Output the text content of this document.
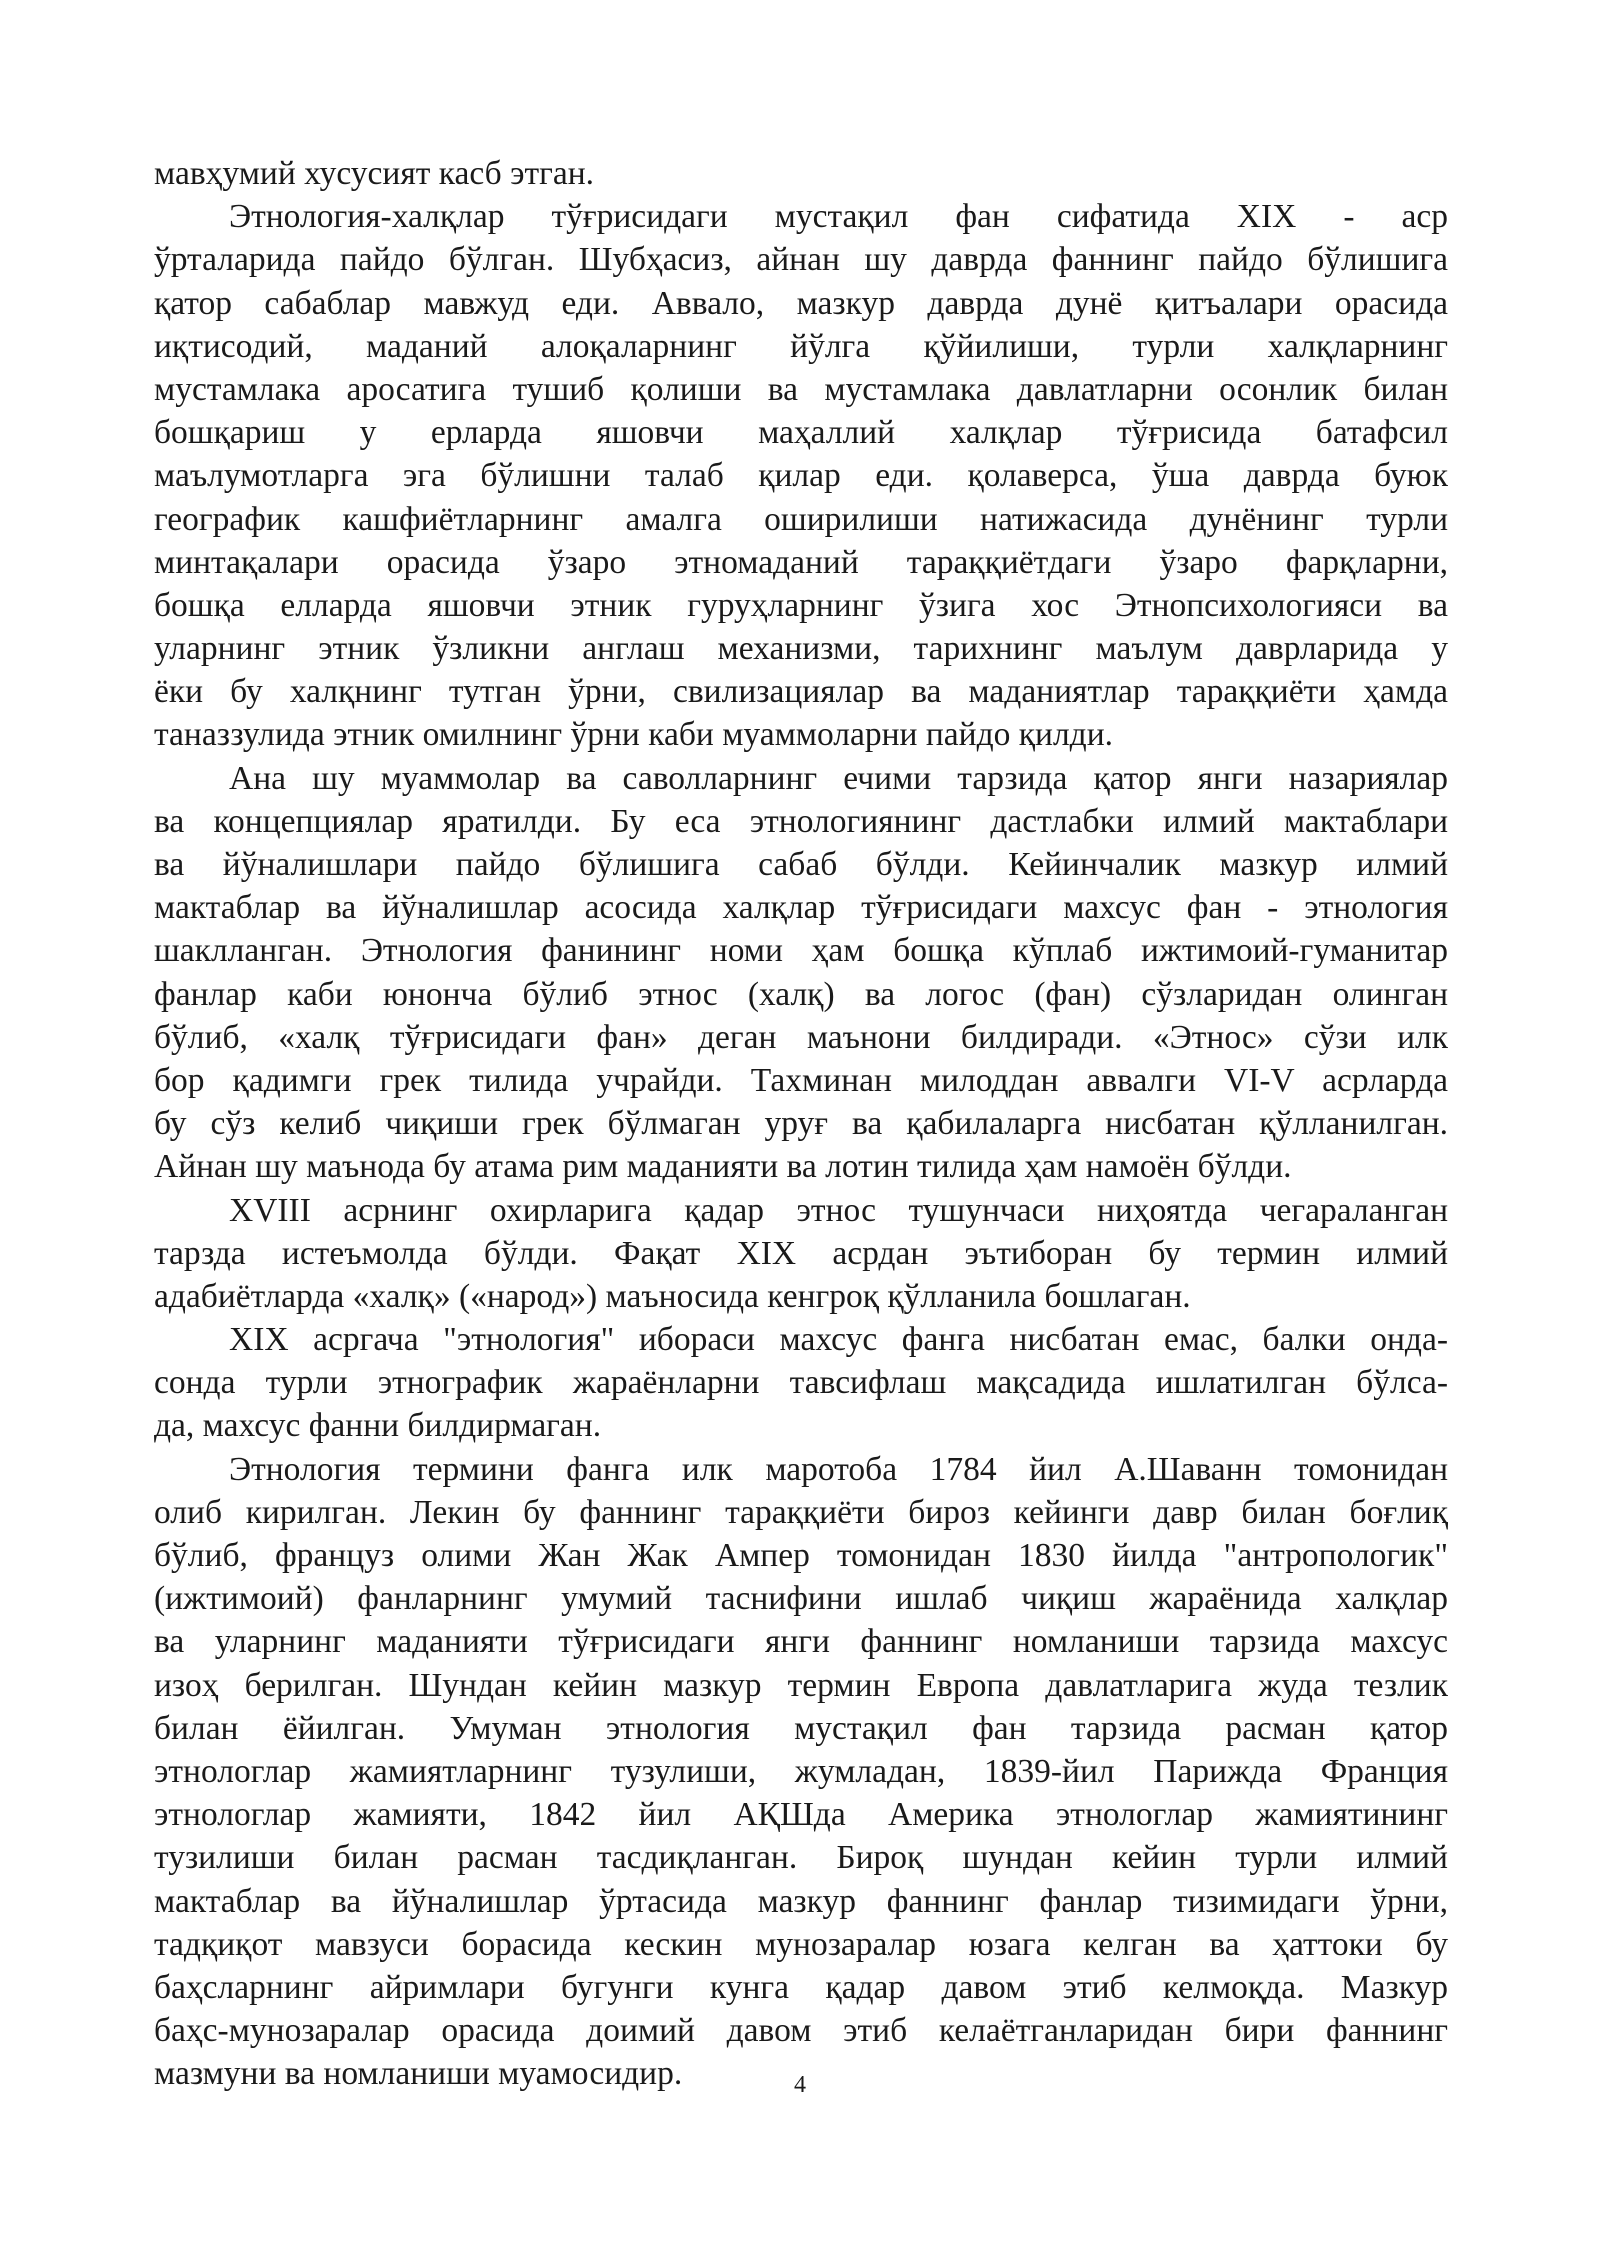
мавҳумий хусусият касб этган.
Этнология-халқлар тўғрисидаги мустақил фан сифатида XIX - аср
ўрталарида пайдо бўлган. Шубҳасиз, айнан шу даврда фаннинг пайдо бўлишига
қатор сабаблар мавжуд еди. Аввало, мазкур даврда дунё қитъалари орасида
иқтисодий, маданий алоқаларнинг йўлга қўйилиши, турли халқларнинг
мустамлака аросатига тушиб қолиши ва мустамлака давлатларни осонлик билан
бошқариш у ерларда яшовчи маҳаллий халқлар тўғрисида батафсил
маълумотларга эга бўлишни талаб қилар еди. қолаверса, ўша даврда буюк
географик кашфиётларнинг амалга оширилиши натижасида дунёнинг турли
минтақалари орасида ўзаро этномаданий тараққиётдаги ўзаро фарқларни,
бошқа елларда яшовчи этник гуруҳларнинг ўзига хос Этнопсихологияси ва
уларнинг этник ўзликни англаш механизми, тарихнинг маълум даврларида у
ёки бу халқнинг тутган ўрни, свилизациялар ва маданиятлар тараққиёти ҳамда
таназзулида этник омилнинг ўрни каби муаммоларни пайдо қилди.
Ана шу муаммолар ва саволларнинг ечими тарзида қатор янги назариялар
ва концепциялар яратилди. Бу еса этнологиянинг дастлабки илмий мактаблари
ва йўналишлари пайдо бўлишига сабаб бўлди. Кейинчалик мазкур илмий
мактаблар ва йўналишлар асосида халқлар тўғрисидаги махсус фан - этнология
шаклланган. Этнология фанининг номи ҳам бошқа кўплаб ижтимоий-гуманитар
фанлар каби юнонча бўлиб этнос (халқ) ва логос (фан) сўзларидан олинган
бўлиб, «халқ тўғрисидаги фан» деган маънони билдиради. «Этнос» сўзи илк
бор қадимги грек тилида учрайди. Тахминан милоддан аввалги VI-V асрларда
бу сўз келиб чиқиши грек бўлмаган уруғ ва қабилаларга нисбатан қўлланилган.
Айнан шу маънода бу атама рим маданияти ва лотин тилида ҳам намоён бўлди.
XVIII асрнинг охирларига қадар этнос тушунчаси ниҳоятда чегараланган
тарзда истеъмолда бўлди. Фақат XIX асрдан эътиборан бу термин илмий
адабиётларда «халқ» («народ») маъносида кенгроқ қўлланила бошлаган.
XIX асргача "этнология" ибораси махсус фанга нисбатан емас, балки онда-
сонда турли этнографик жараёнларни тавсифлаш мақсадида ишлатилган бўлса-
да, махсус фанни билдирмаган.
Этнология термини фанга илк маротоба 1784 йил А.Шаванн томонидан
олиб кирилган. Лекин бу фаннинг тараққиёти бироз кейинги давр билан боғлиқ
бўлиб, француз олими Жан Жак Ампер томонидан 1830 йилда "антропологик"
(ижтимоий) фанларнинг умумий таснифини ишлаб чиқиш жараёнида халқлар
ва уларнинг маданияти тўғрисидаги янги фаннинг номланиши тарзида махсус
изоҳ берилган. Шундан кейин мазкур термин Европа давлатларига жуда тезлик
билан ёйилган. Умуман этнология мустақил фан тарзида расман қатор
этнологлар жамиятларнинг тузулиши, жумладан, 1839-йил Парижда Франция
этнологлар жамияти, 1842 йил АҚШда Америка этнологлар жамиятининг
тузилиши билан расман тасдиқланган. Бироқ шундан кейин турли илмий
мактаблар ва йўналишлар ўртасида мазкур фаннинг фанлар тизимидаги ўрни,
тадқиқот мавзуси борасида кескин мунозаралар юзага келган ва ҳаттоки бу
баҳсларнинг айримлари бугунги кунга қадар давом этиб келмоқда. Мазкур
баҳс-мунозаралар орасида доимий давом этиб келаётганларидан бири фаннинг
мазмуни ва номланиши муамосидир.	4
